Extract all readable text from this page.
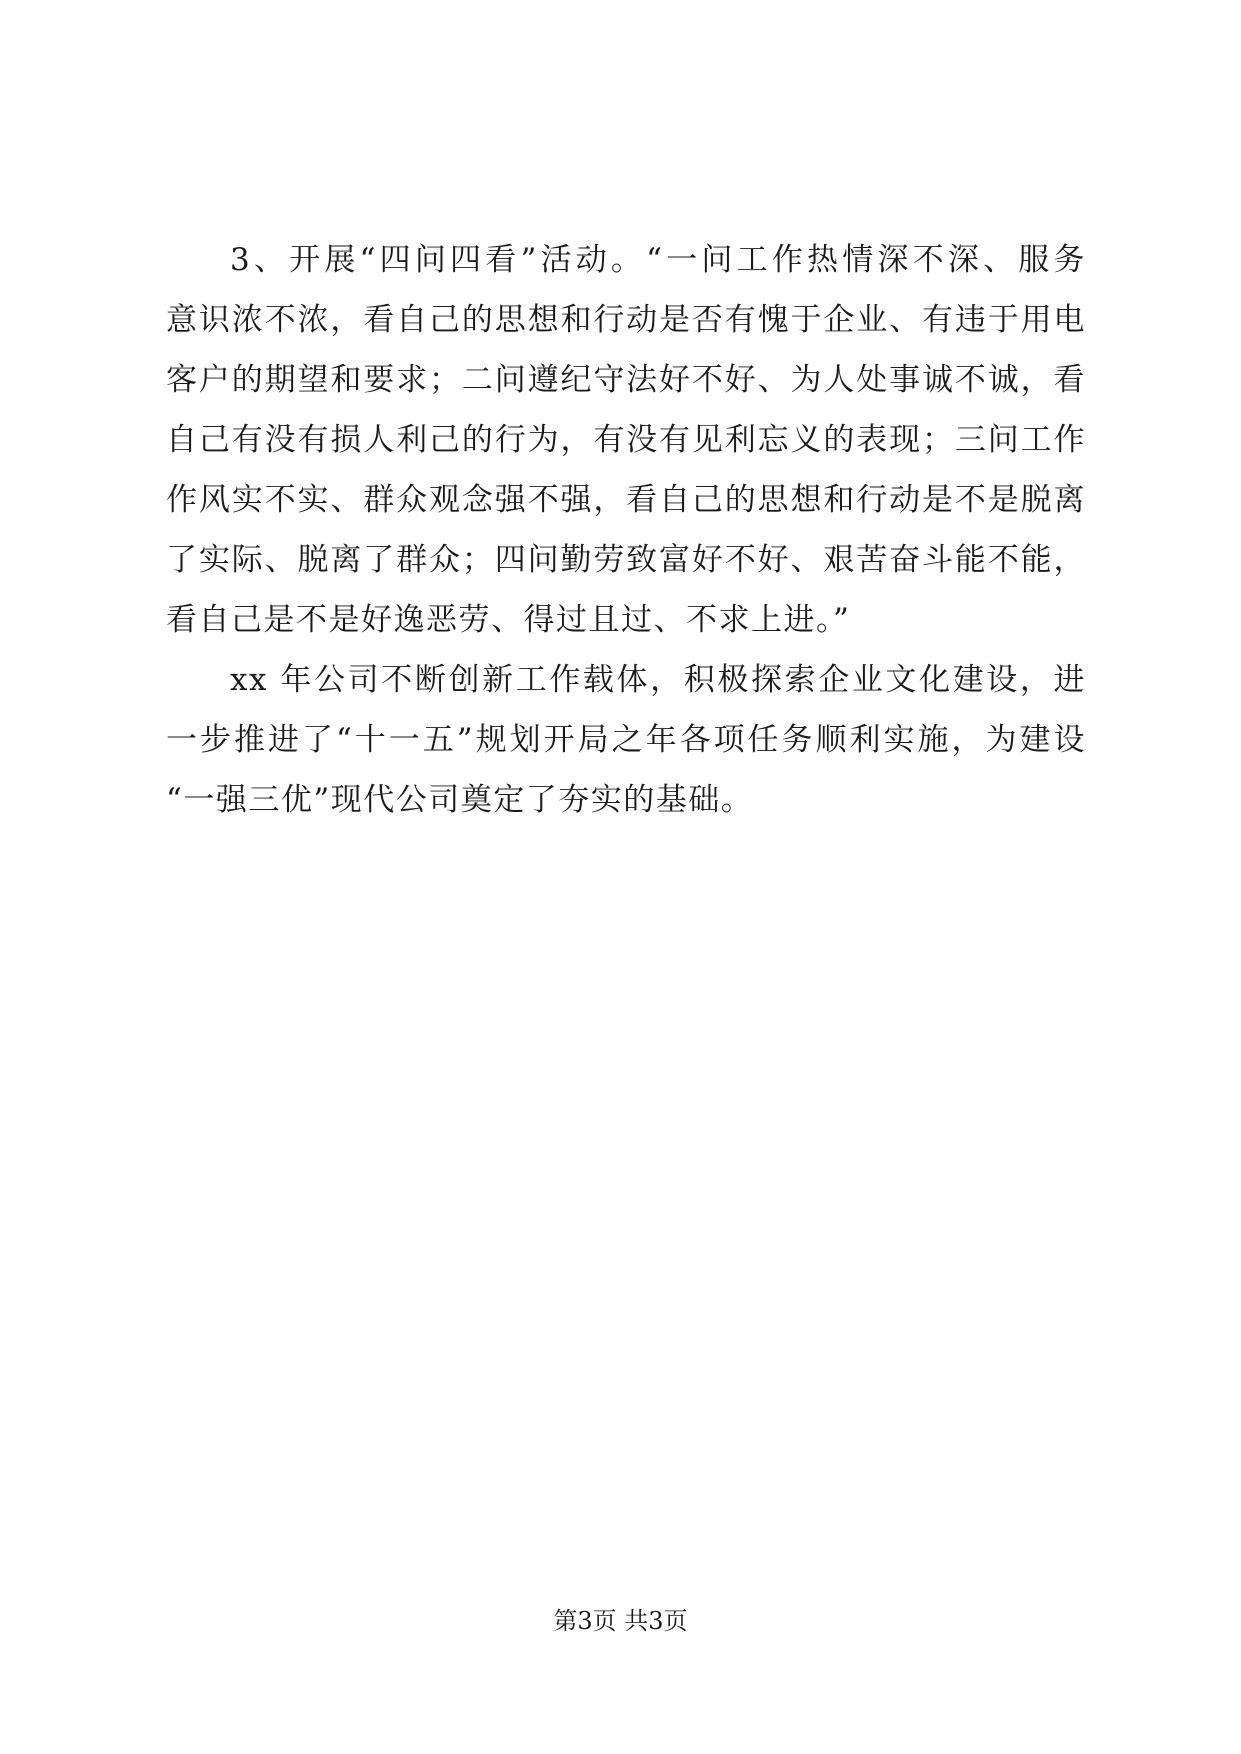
3、开展“四问四看”活动。“一问工作热情深不深、服务
意识浓不浓，看自己的思想和行动是否有愧于企业、有违于用电
客户的期望和要求；二问遵纪守法好不好、为人处事诚不诚，看
自己有没有损人利己的行为，有没有见利忘义的表现；三问工作
作风实不实、群众观念强不强，看自己的思想和行动是不是脱离
了实际、脱离了群众；四问勤劳致富好不好、艰苦奋斗能不能，
看自己是不是好逸恶劳、得过且过、不求上进。”
xx 年公司不断创新工作载体，积极探索企业文化建设，进
一步推进了“十一五”规划开局之年各项任务顺利实施，为建设
“一强三优”现代公司奠定了夯实的基础。
第3页 共3页
